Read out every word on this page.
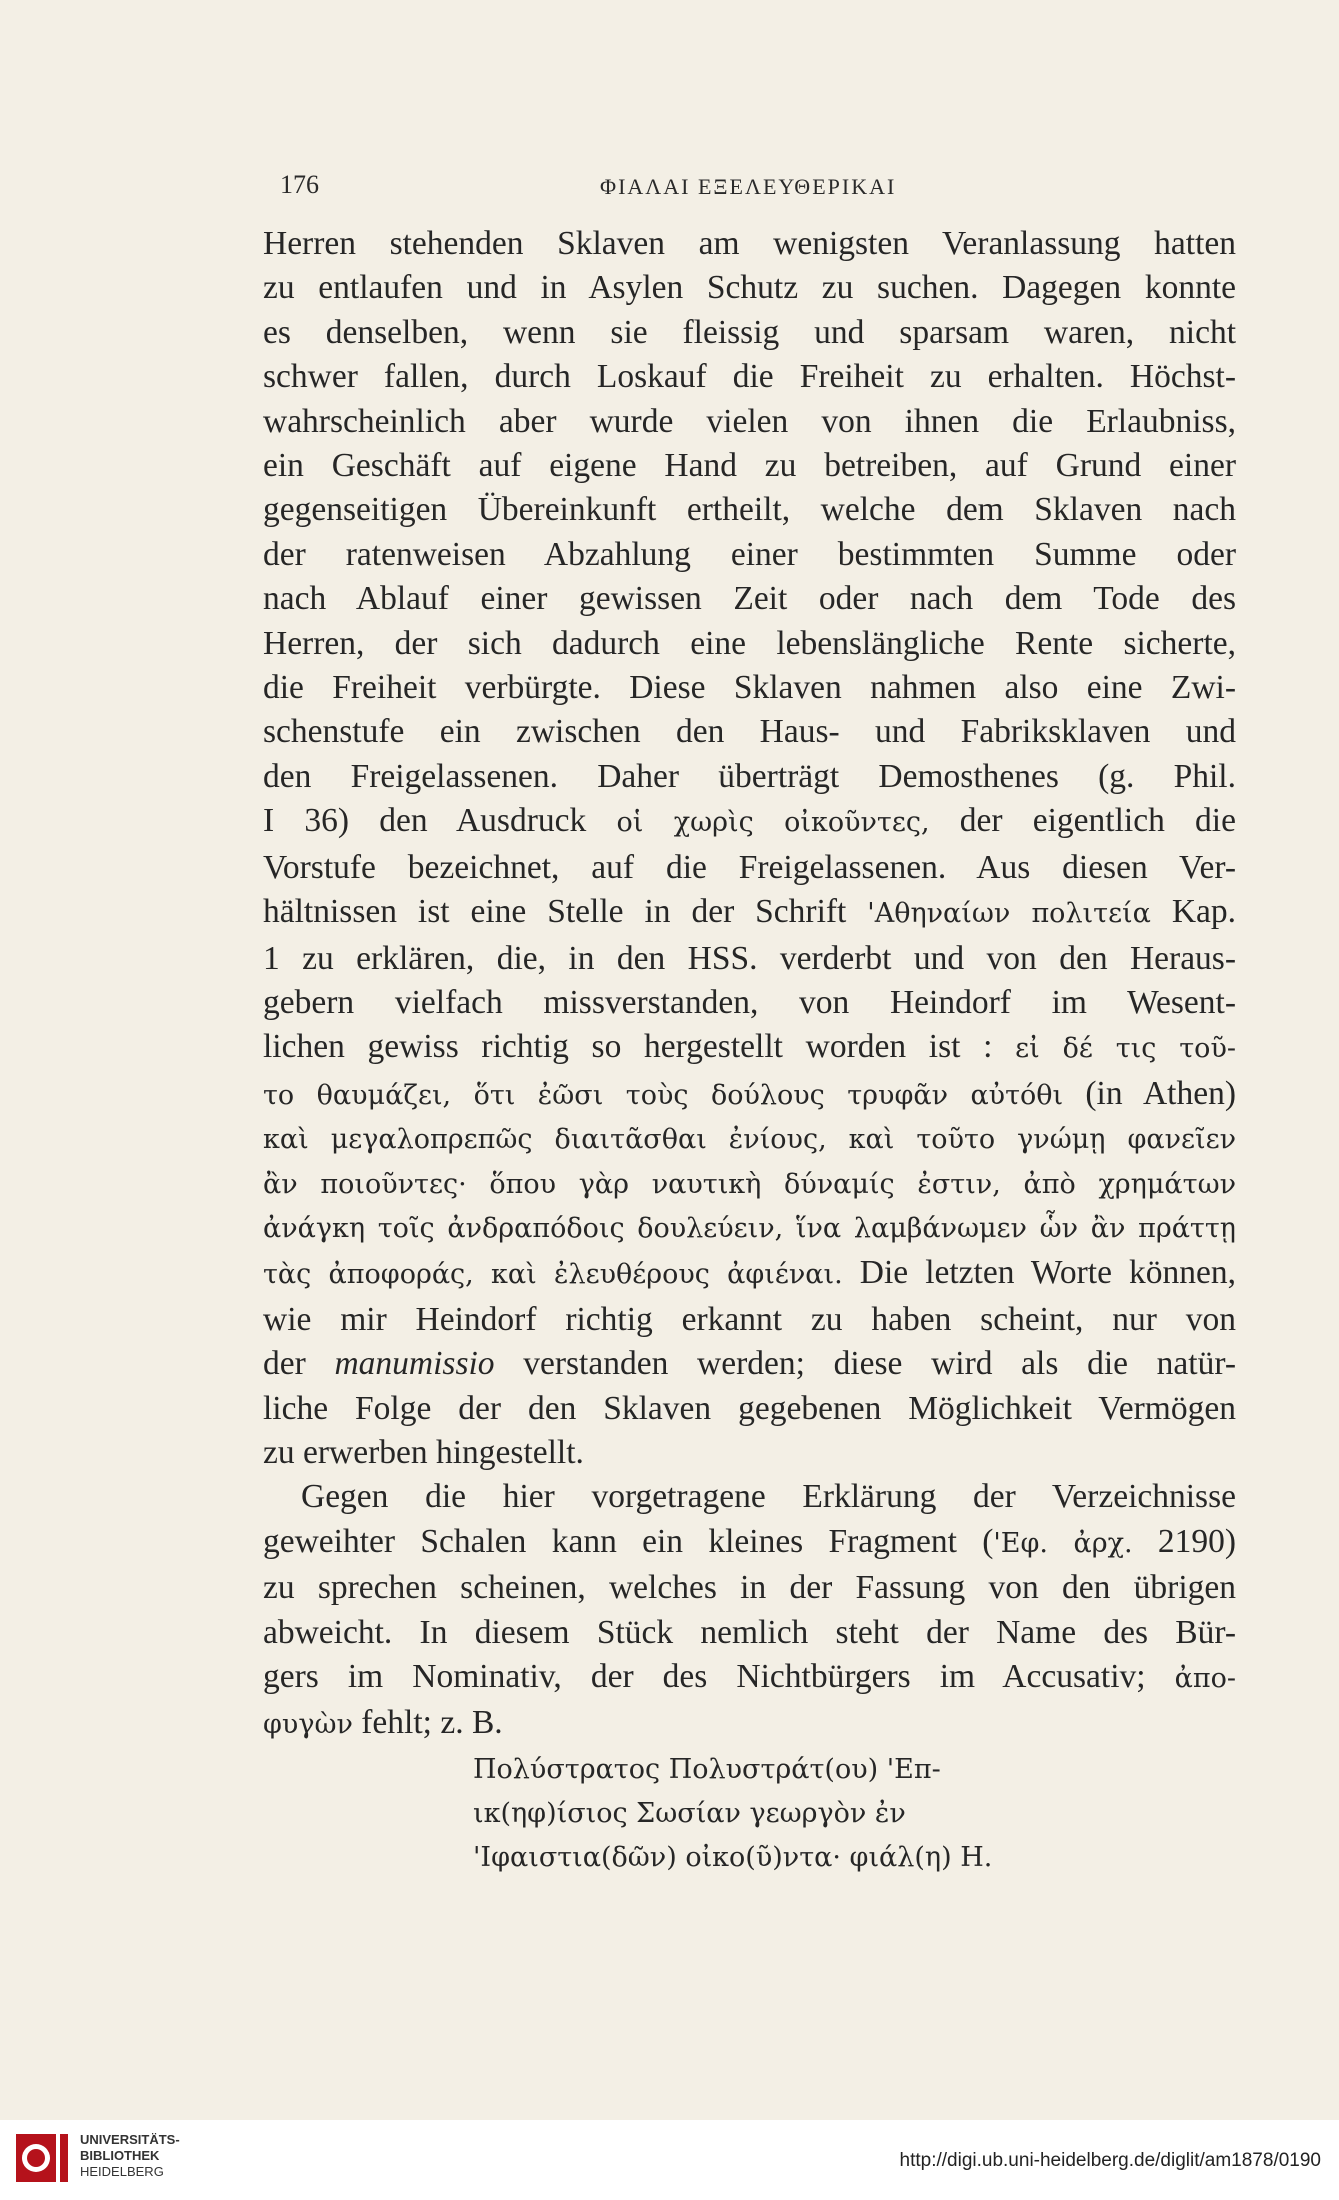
176	ΦΙΑΛΑΙ ΕΞΕΛΕΥΘΕΡΙΚΑΙ
Herren stehenden Sklaven am wenigsten Veranlassung hatten
zu entlaufen und in Asylen Schutz zu suchen. Dagegen konnte
es denselben, wenn sie fleissig und sparsam waren, nicht
schwer fallen, durch Loskauf die Freiheit zu erhalten. Höchst-
wahrscheinlich aber wurde vielen von ihnen die Erlaubniss,
ein Geschäft auf eigene Hand zu betreiben, auf Grund einer
gegenseitigen Übereinkunft ertheilt, welche dem Sklaven nach
der ratenweisen Abzahlung einer bestimmten Summe oder
nach Ablauf einer gewissen Zeit oder nach dem Tode des
Herren, der sich dadurch eine lebenslängliche Rente sicherte,
die Freiheit verbürgte. Diese Sklaven nahmen also eine Zwi-
schenstufe ein zwischen den Haus- und Fabriksklaven und
den Freigelassenen. Daher überträgt Demosthenes (g. Phil.
I 36) den Ausdruck οἱ χωρὶς οἰκοῦντες, der eigentlich die
Vorstufe bezeichnet, auf die Freigelassenen. Aus diesen Ver-
hältnissen ist eine Stelle in der Schrift 'Αθηναίων πολιτεία Kap.
1 zu erklären, die, in den HSS. verderbt und von den Heraus-
gebern vielfach missverstanden, von Heindorf im Wesent-
lichen gewiss richtig so hergestellt worden ist : εἰ δέ τις τοῦ-
το θαυμάζει, ὅτι ἐῶσι τοὺς δούλους τρυφᾶν αὐτόθι (in Athen)
καὶ μεγαλοπρεπῶς διαιτᾶσθαι ἐνίους, καὶ τοῦτο γνώμῃ φανεῖεν
ἂν ποιοῦντες· ὅπου γὰρ ναυτικὴ δύναμίς ἐστιν, ἀπὸ χρημάτων
ἀνάγκη τοῖς ἀνδραπόδοις δουλεύειν, ἵνα λαμβάνωμεν ὧν ἂν πράττῃ
τὰς ἀποφοράς, καὶ ἐλευθέρους ἀφιέναι. Die letzten Worte können,
wie mir Heindorf richtig erkannt zu haben scheint, nur von
der manumissio verstanden werden; diese wird als die natür-
liche Folge der den Sklaven gegebenen Möglichkeit Vermögen
zu erwerben hingestellt.
Gegen die hier vorgetragene Erklärung der Verzeichnisse
geweihter Schalen kann ein kleines Fragment ('Εφ. ἀρχ. 2190)
zu sprechen scheinen, welches in der Fassung von den übrigen
abweicht. In diesem Stück nemlich steht der Name des Bür-
gers im Nominativ, der des Nichtbürgers im Accusativ; ἀπο-
φυγὼν fehlt; z. B.
Πολύστρατος Πολυστράτ(ου) 'Επ-
ικ(ηφ)ίσιος Σωσίαν γεωργὸν ἐν
'Ιφαιστια(δῶν) οἰκο(ῦ)ντα· φιάλ(η) Η.
UNIVERSITÄTS-
BIBLIOTHEK
HEIDELBERG
http://digi.ub.uni-heidelberg.de/diglit/am1878/0190
